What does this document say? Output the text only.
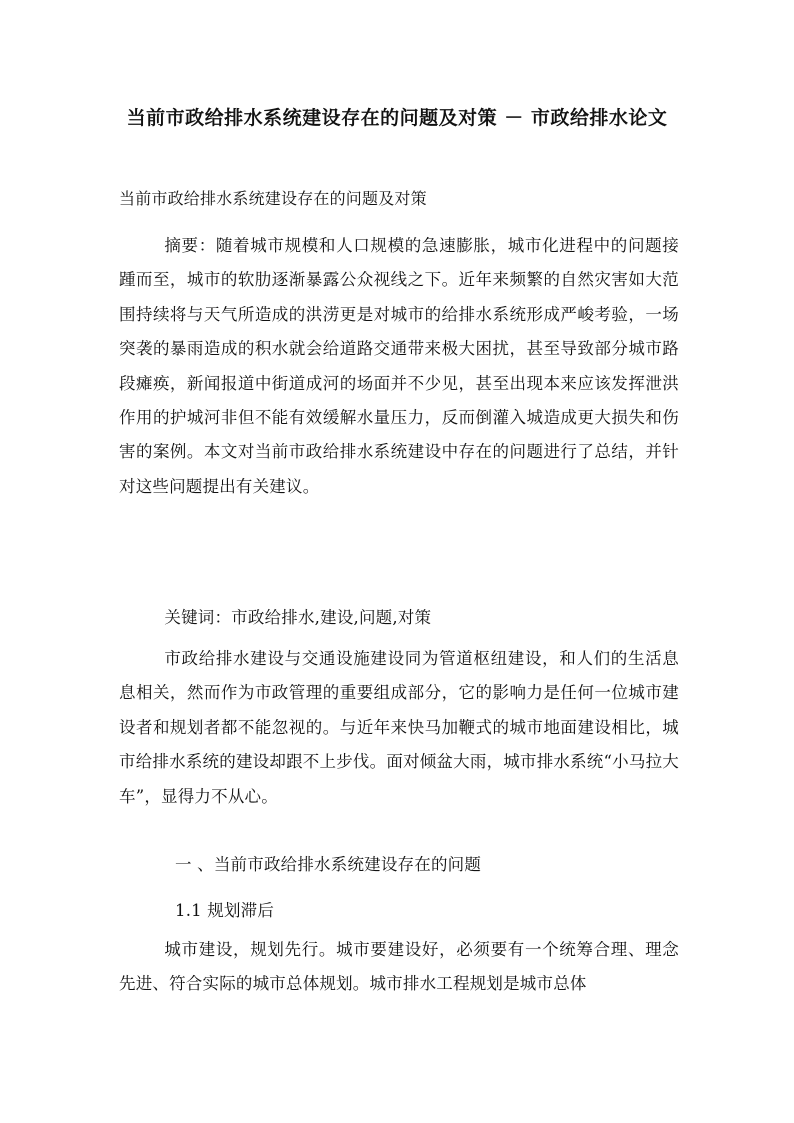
当前市政给排水系统建设存在的问题及对策 － 市政给排水论文
当前市政给排水系统建设存在的问题及对策
摘要：随着城市规模和人口规模的急速膨胀，城市化进程中的问题接踵而至，城市的软肋逐渐暴露公众视线之下。近年来频繁的自然灾害如大范围持续将与天气所造成的洪涝更是对城市的给排水系统形成严峻考验，一场突袭的暴雨造成的积水就会给道路交通带来极大困扰，甚至导致部分城市路段瘫痪，新闻报道中街道成河的场面并不少见，甚至出现本来应该发挥泄洪作用的护城河非但不能有效缓解水量压力，反而倒灌入城造成更大损失和伤害的案例。本文对当前市政给排水系统建设中存在的问题进行了总结，并针对这些问题提出有关建议。
关键词：市政给排水,建设,问题,对策
市政给排水建设与交通设施建设同为管道枢纽建设，和人们的生活息息相关，然而作为市政管理的重要组成部分，它的影响力是任何一位城市建设者和规划者都不能忽视的。与近年来快马加鞭式的城市地面建设相比，城市给排水系统的建设却跟不上步伐。面对倾盆大雨，城市排水系统“小马拉大车”，显得力不从心。
一 、当前市政给排水系统建设存在的问题
1.1 规划滞后
城市建设，规划先行。城市要建设好，必须要有一个统筹合理、理念先进、符合实际的城市总体规划。城市排水工程规划是城市总体
